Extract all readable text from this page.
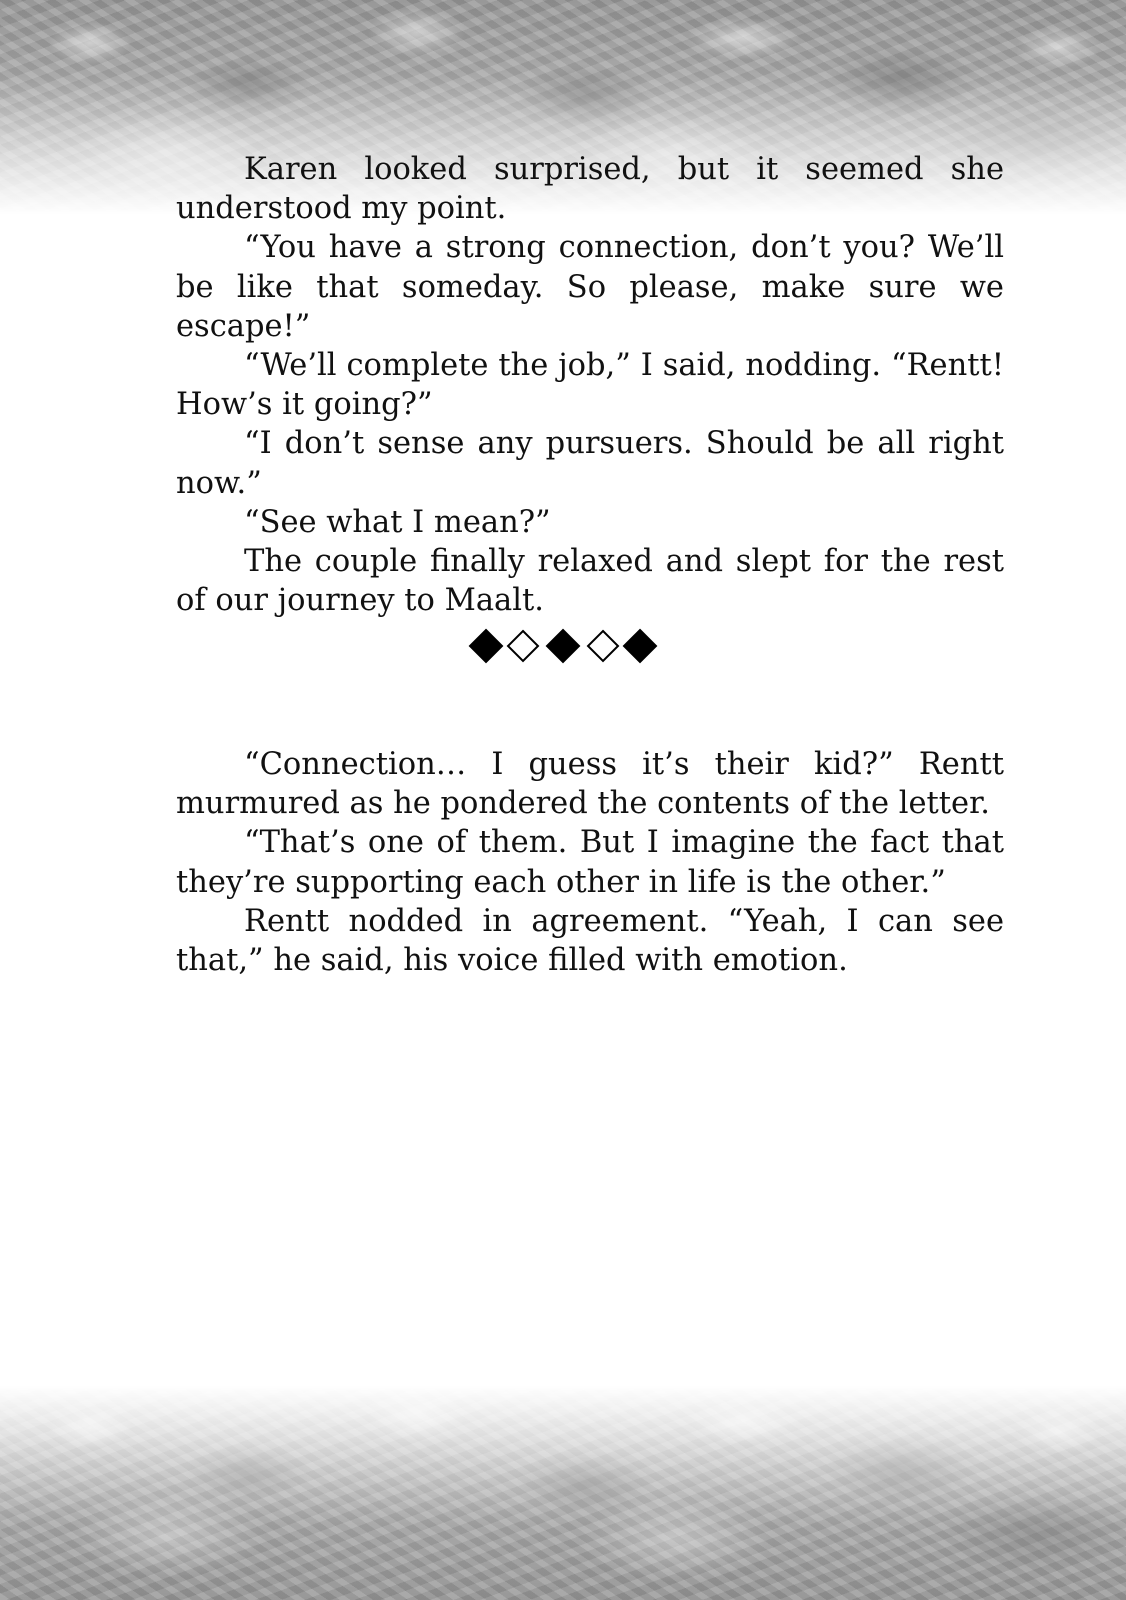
Karen looked surprised, but it seemed she understood my point.

“You have a strong connection, don’t you? We’ll be like that someday. So please, make sure we escape!”

“We’ll complete the job,” I said, nodding. “Rentt! How’s it going?”

“I don’t sense any pursuers. Should be all right now.”

“See what I mean?”

The couple finally relaxed and slept for the rest of our journey to Maalt.

“Connection… I guess it’s their kid?” Rentt murmured as he pondered the contents of the letter.

“That’s one of them. But I imagine the fact that they’re supporting each other in life is the other.”

Rentt nodded in agreement. “Yeah, I can see that,” he said, his voice filled with emotion.
